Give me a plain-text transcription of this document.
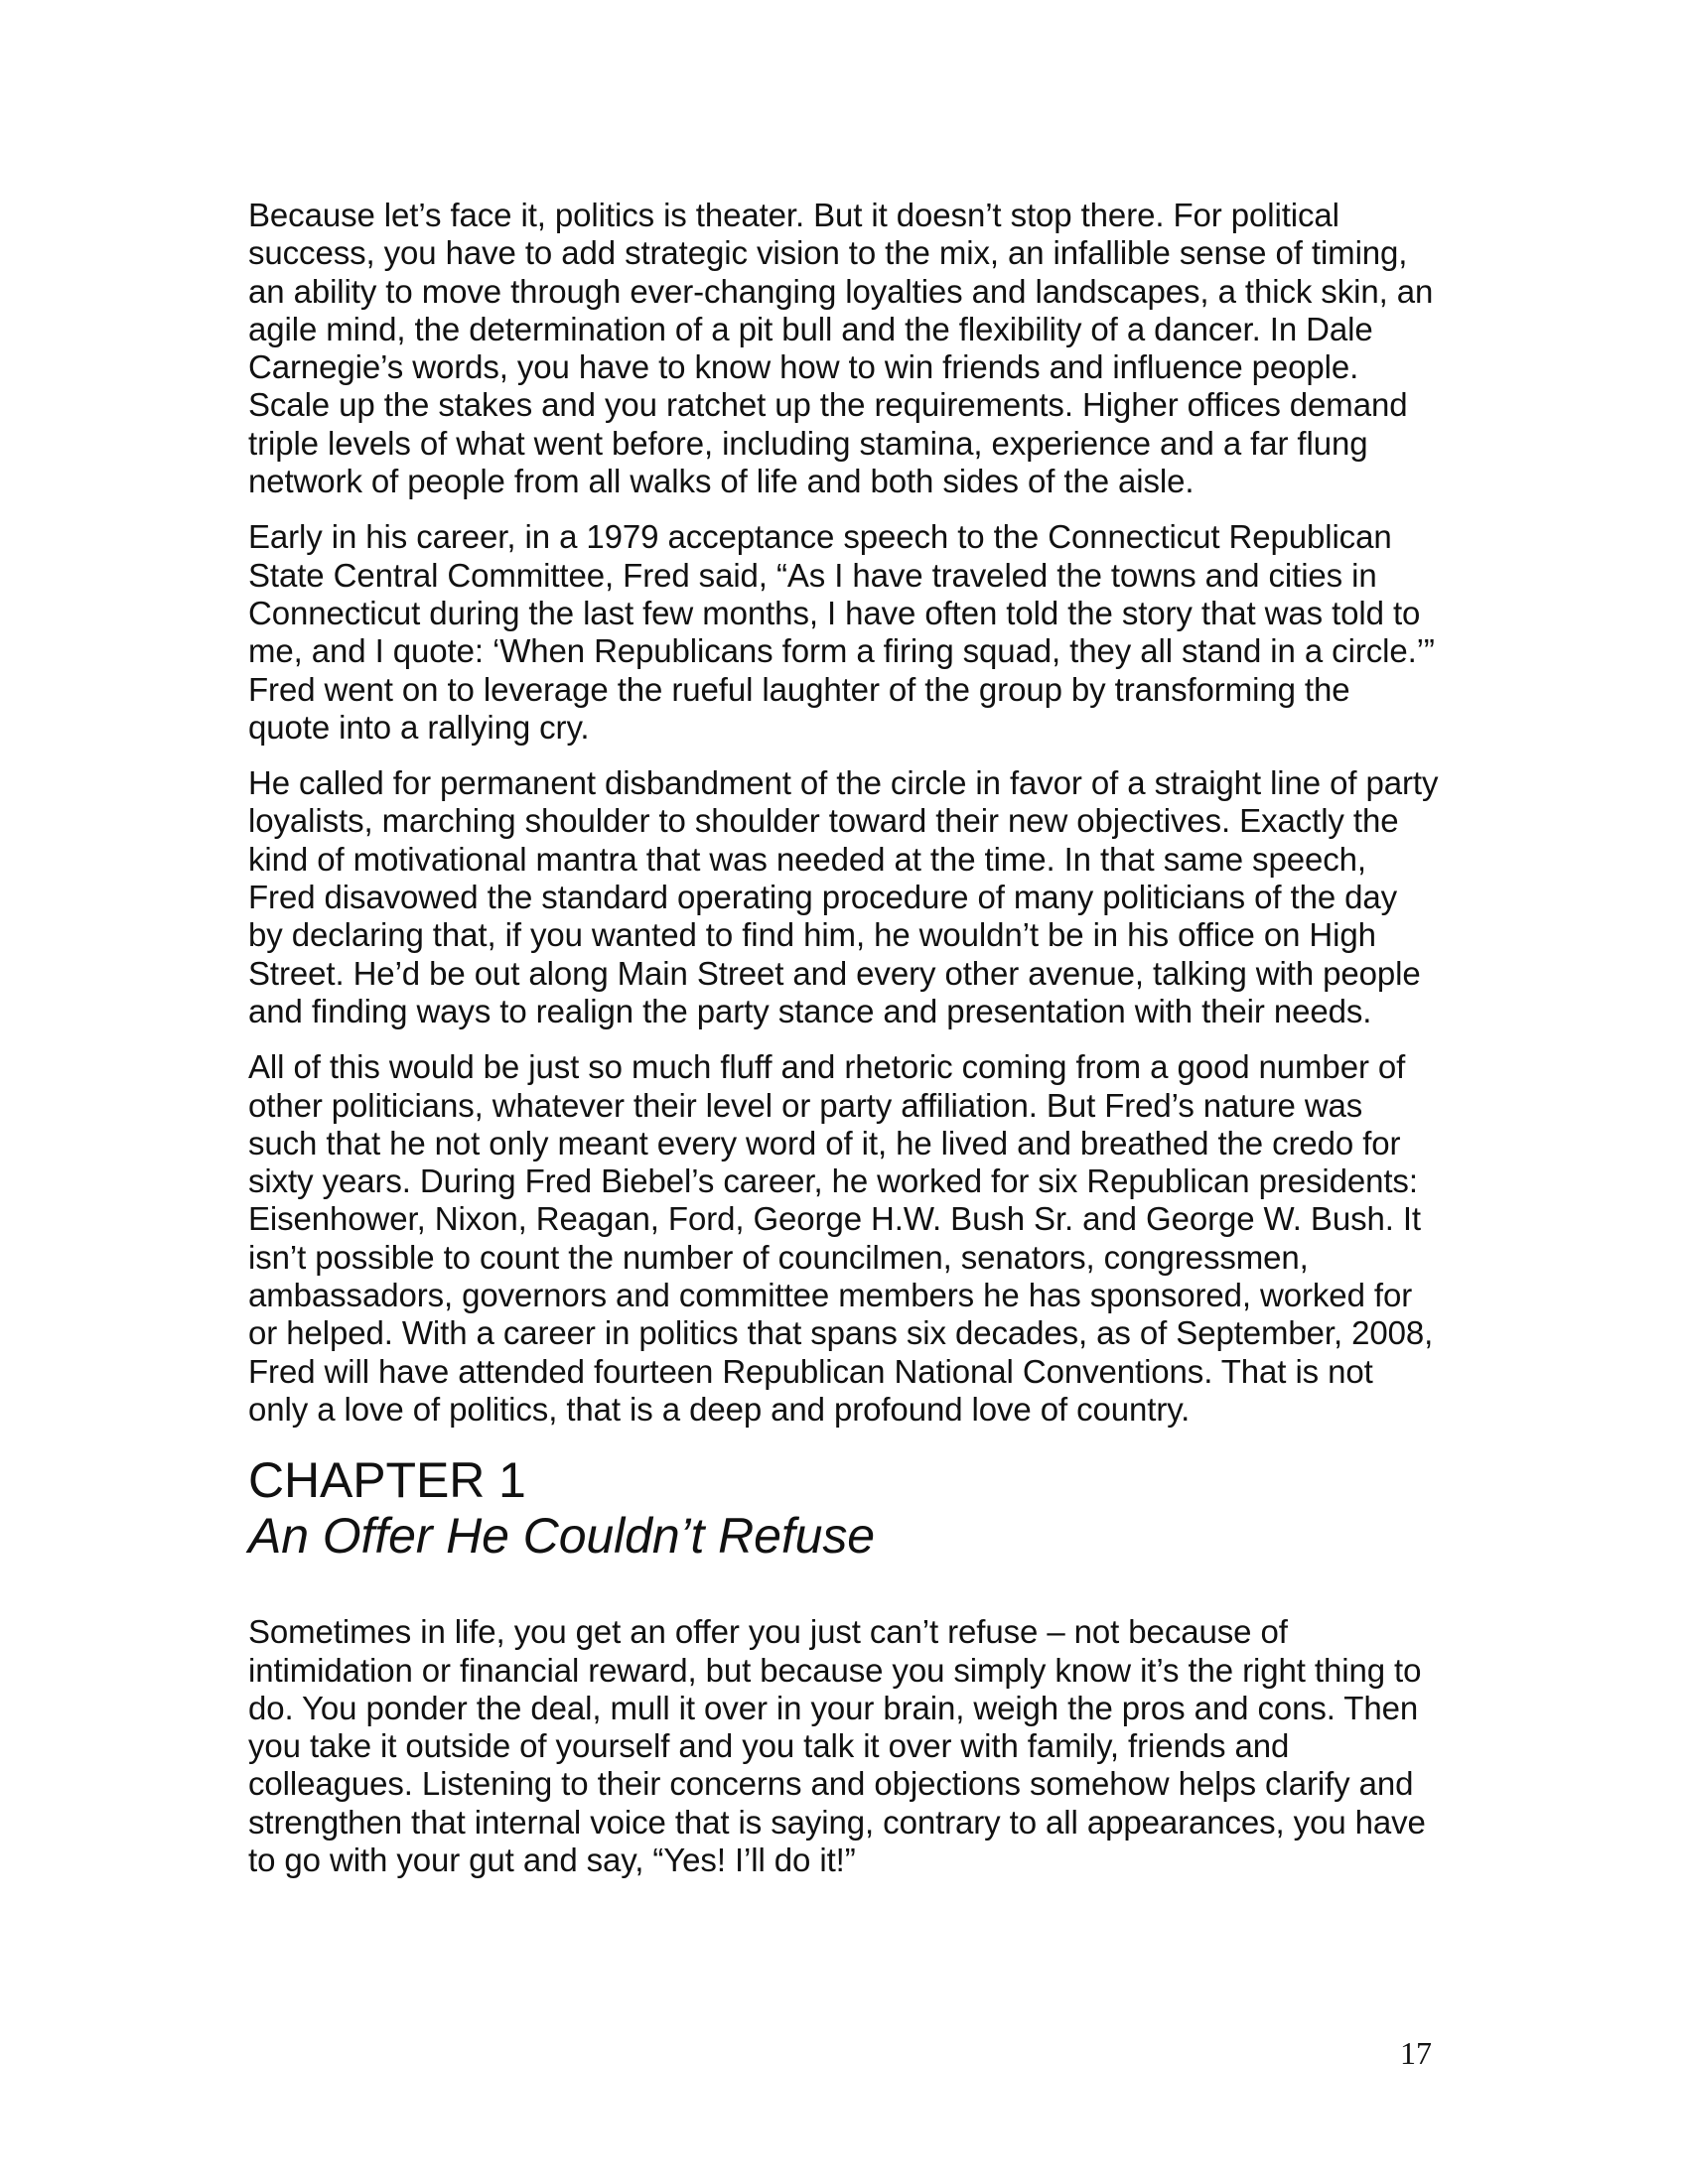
Because let’s face it, politics is theater. But it doesn’t stop there. For political success, you have to add strategic vision to the mix, an infallible sense of timing, an ability to move through ever-changing loyalties and landscapes, a thick skin, an agile mind, the determination of a pit bull and the flexibility of a dancer. In Dale Carnegie’s words, you have to know how to win friends and influence people. Scale up the stakes and you ratchet up the requirements. Higher offices demand triple levels of what went before, including stamina, experience and a far flung network of people from all walks of life and both sides of the aisle.

Early in his career, in a 1979 acceptance speech to the Connecticut Republican State Central Committee, Fred said, “As I have traveled the towns and cities in Connecticut during the last few months, I have often told the story that was told to me, and I quote: ‘When Republicans form a firing squad, they all stand in a circle.’” Fred went on to leverage the rueful laughter of the group by transforming the quote into a rallying cry.

He called for permanent disbandment of the circle in favor of a straight line of party loyalists, marching shoulder to shoulder toward their new objectives. Exactly the kind of motivational mantra that was needed at the time. In that same speech, Fred disavowed the standard operating procedure of many politicians of the day by declaring that, if you wanted to find him, he wouldn’t be in his office on High Street. He’d be out along Main Street and every other avenue, talking with people and finding ways to realign the party stance and presentation with their needs.

All of this would be just so much fluff and rhetoric coming from a good number of other politicians, whatever their level or party affiliation. But Fred’s nature was such that he not only meant every word of it, he lived and breathed the credo for sixty years. During Fred Biebel’s career, he worked for six Republican presidents: Eisenhower, Nixon, Reagan, Ford, George H.W. Bush Sr. and George W. Bush. It isn’t possible to count the number of councilmen, senators, congressmen, ambassadors, governors and committee members he has sponsored, worked for or helped. With a career in politics that spans six decades, as of September, 2008, Fred will have attended fourteen Republican National Conventions. That is not only a love of politics, that is a deep and profound love of country.

CHAPTER 1
An Offer He Couldn’t Refuse

Sometimes in life, you get an offer you just can’t refuse – not because of intimidation or financial reward, but because you simply know it’s the right thing to do. You ponder the deal, mull it over in your brain, weigh the pros and cons. Then you take it outside of yourself and you talk it over with family, friends and colleagues. Listening to their concerns and objections somehow helps clarify and strengthen that internal voice that is saying, contrary to all appearances, you have to go with your gut and say, “Yes! I’ll do it!”

17
